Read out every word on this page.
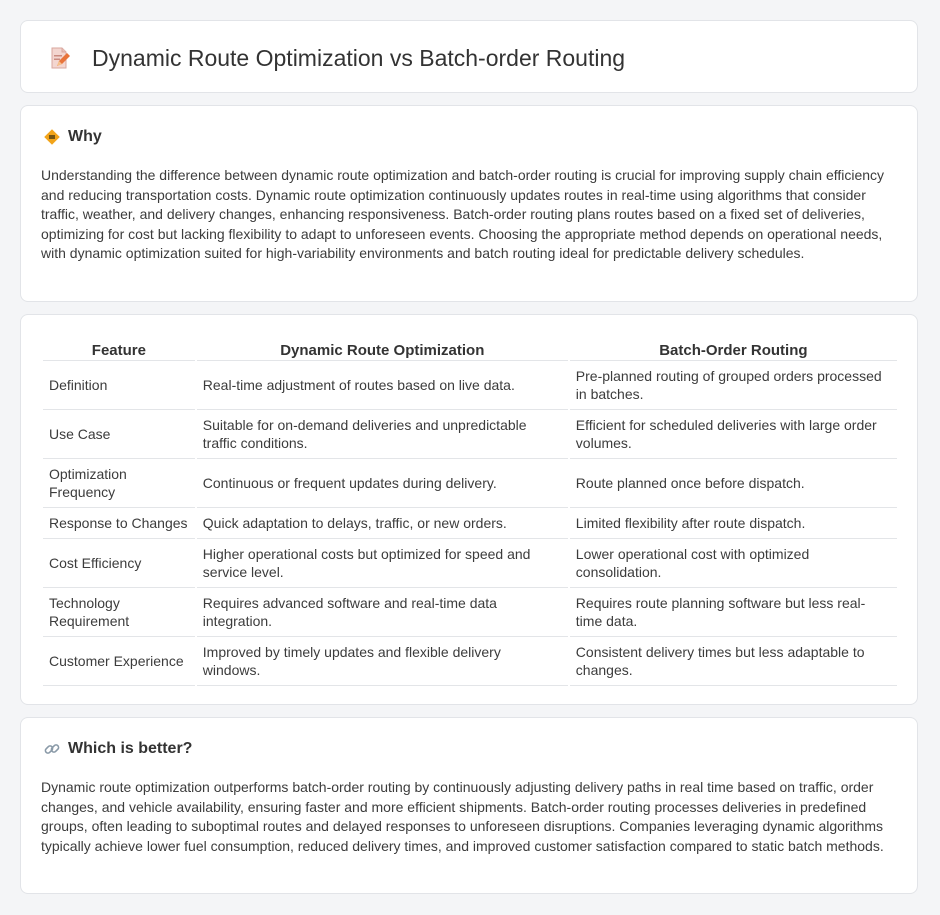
Dynamic Route Optimization vs Batch-order Routing
Why

Understanding the difference between dynamic route optimization and batch-order routing is crucial for improving supply chain efficiency and reducing transportation costs. Dynamic route optimization continuously updates routes in real-time using algorithms that consider traffic, weather, and delivery changes, enhancing responsiveness. Batch-order routing plans routes based on a fixed set of deliveries, optimizing for cost but lacking flexibility to adapt to unforeseen events. Choosing the appropriate method depends on operational needs, with dynamic optimization suited for high-variability environments and batch routing ideal for predictable delivery schedules.

Feature	Dynamic Route Optimization	Batch-Order Routing
Definition	Real-time adjustment of routes based on live data.	Pre-planned routing of grouped orders processed in batches.
Use Case	Suitable for on-demand deliveries and unpredictable traffic conditions.	Efficient for scheduled deliveries with large order volumes.
Optimization Frequency	Continuous or frequent updates during delivery.	Route planned once before dispatch.
Response to Changes	Quick adaptation to delays, traffic, or new orders.	Limited flexibility after route dispatch.
Cost Efficiency	Higher operational costs but optimized for speed and service level.	Lower operational cost with optimized consolidation.
Technology Requirement	Requires advanced software and real-time data integration.	Requires route planning software but less real-time data.
Customer Experience	Improved by timely updates and flexible delivery windows.	Consistent delivery times but less adaptable to changes.
Which is better?

Dynamic route optimization outperforms batch-order routing by continuously adjusting delivery paths in real time based on traffic, order changes, and vehicle availability, ensuring faster and more efficient shipments. Batch-order routing processes deliveries in predefined groups, often leading to suboptimal routes and delayed responses to unforeseen disruptions. Companies leveraging dynamic algorithms typically achieve lower fuel consumption, reduced delivery times, and improved customer satisfaction compared to static batch methods.
